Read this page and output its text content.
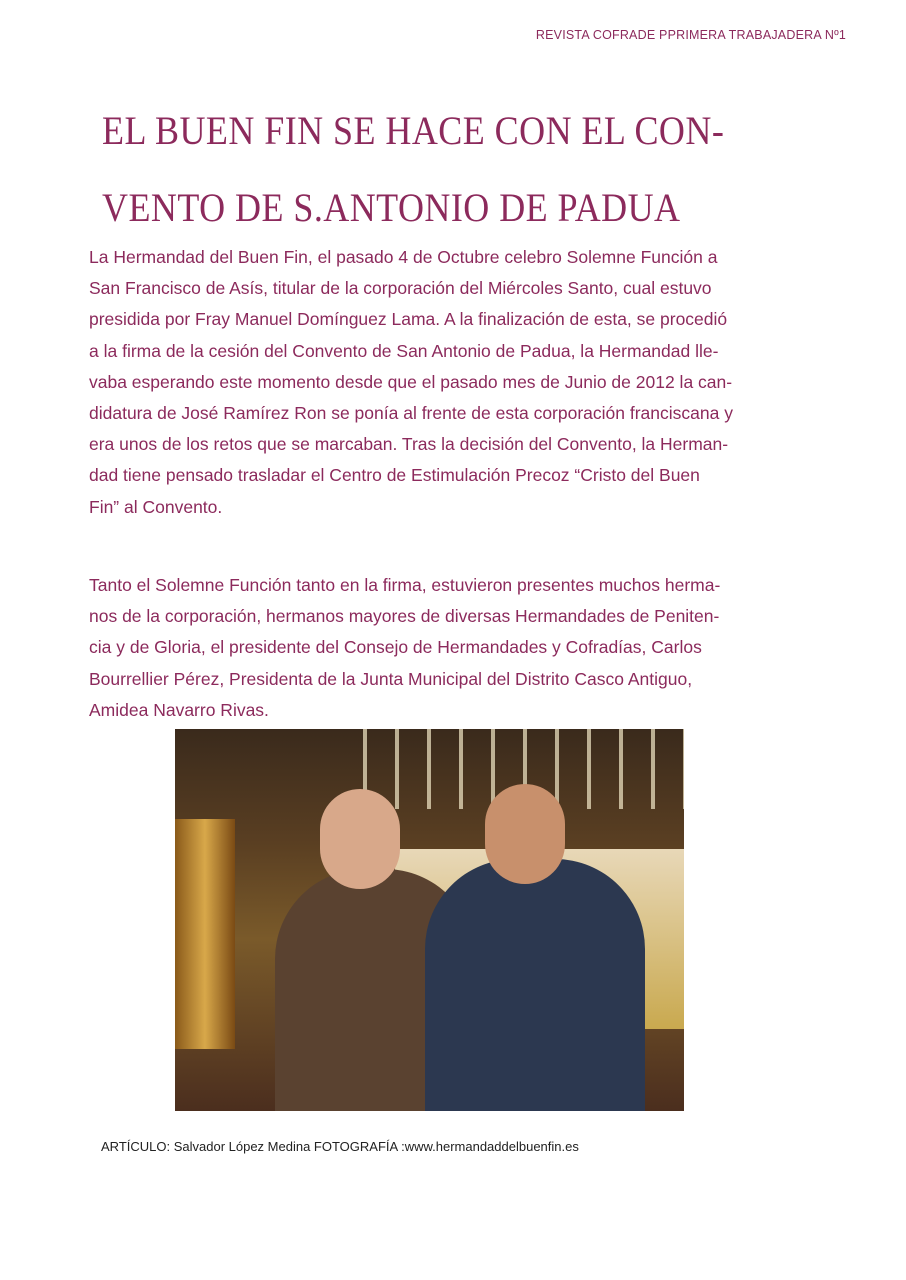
REVISTA COFRADE PPRIMERA TRABAJADERA Nº1
EL BUEN FIN SE HACE CON EL CON-
VENTO DE S.ANTONIO DE PADUA
La Hermandad del Buen Fin, el pasado 4 de Octubre celebro Solemne Función a
San Francisco de Asís, titular de la corporación del Miércoles Santo, cual estuvo
presidida por Fray Manuel Domínguez Lama. A la finalización de esta, se procedió
a la firma de la cesión del Convento de San Antonio de Padua, la Hermandad lle-
vaba esperando este momento desde que el pasado mes de Junio de 2012 la can-
didatura de José Ramírez Ron se ponía al frente de esta corporación franciscana y
era unos de los retos que se marcaban. Tras la decisión del Convento, la Herman-
dad tiene pensado trasladar el Centro de Estimulación Precoz “Cristo del Buen
Fin” al Convento.
Tanto el Solemne Función tanto en la firma, estuvieron presentes muchos herma-
nos de la corporación, hermanos mayores de diversas Hermandades de Peniten-
cia y de Gloria, el presidente del Consejo de Hermandades y Cofradías, Carlos
Bourrellier Pérez, Presidenta de la Junta Municipal del Distrito Casco Antiguo,
Amidea Navarro Rivas.
ARTÍCULO: Salvador López Medina FOTOGRAFÍA :www.hermandaddelbuenfin.es
